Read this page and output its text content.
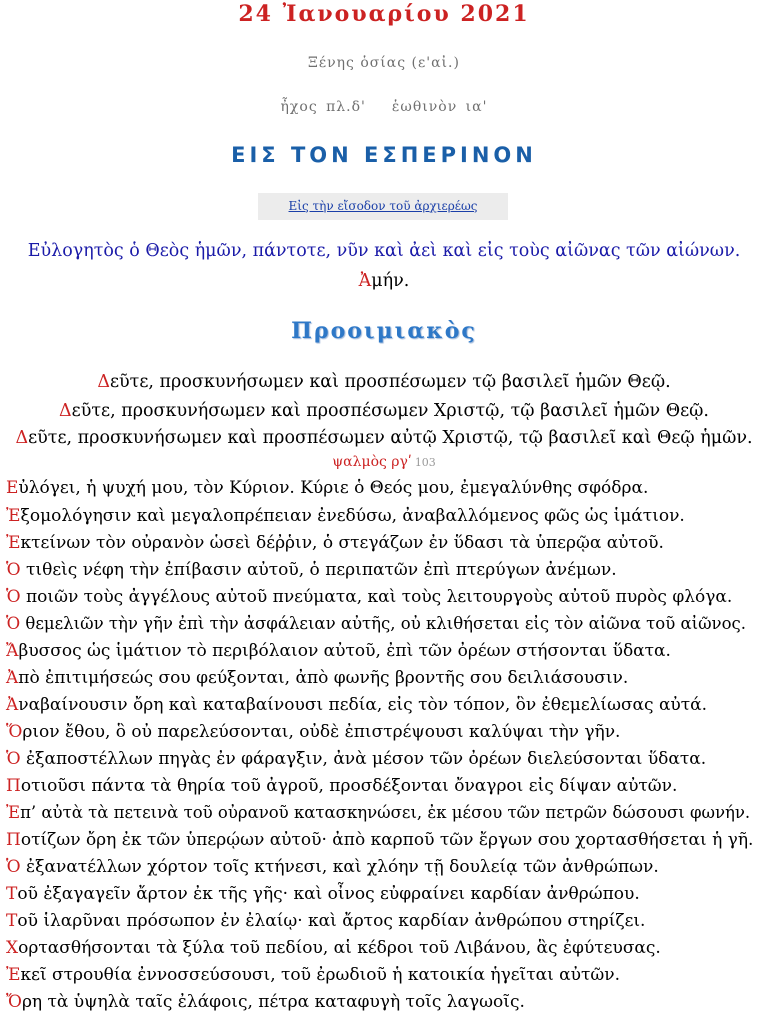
24 Ἰανουαρίου 2021
Ξένης ὁσίας (ε'αἰ.)
ἦχος πλ.δ' ἑωθινὸν ια'
ΕΙΣ ΤΟΝ ΕΣΠΕΡΙΝΟΝ
Εἰς τὴν εἴσοδον τοῦ ἀρχιερέως
Εὐλογητὸς ὁ Θεὸς ἡμῶν, πάντοτε, νῦν καὶ ἀεὶ καὶ εἰς τοὺς αἰῶνας τῶν αἰώνων.
Ἀμήν.
Προοιμιακὸς
Δεῦτε, προσκυνήσωμεν καὶ προσπέσωμεν τῷ βασιλεῖ ἡμῶν Θεῷ.
Δεῦτε, προσκυνήσωμεν καὶ προσπέσωμεν Χριστῷ, τῷ βασιλεῖ ἡμῶν Θεῷ.
Δεῦτε, προσκυνήσωμεν καὶ προσπέσωμεν αὐτῷ Χριστῷ, τῷ βασιλεῖ καὶ Θεῷ ἡμῶν.
ψαλμὸς ργʹ 103
Εὐλόγει, ἡ ψυχή μου, τὸν Κύριον. Κύριε ὁ Θεός μου, ἐμεγαλύνθης σφόδρα.
Ἐξομολόγησιν καὶ μεγαλοπρέπειαν ἐνεδύσω, ἀναβαλλόμενος φῶς ὡς ἱμάτιον.
Ἐκτείνων τὸν οὐρανὸν ὡσεὶ δέῤῥιν, ὁ στεγάζων ἐν ὕδασι τὰ ὑπερῷα αὐτοῦ.
Ὁ τιθεὶς νέφη τὴν ἐπίβασιν αὐτοῦ, ὁ περιπατῶν ἐπὶ πτερύγων ἀνέμων.
Ὁ ποιῶν τοὺς ἀγγέλους αὐτοῦ πνεύματα, καὶ τοὺς λειτουργοὺς αὐτοῦ πυρὸς φλόγα.
Ὁ θεμελιῶν τὴν γῆν ἐπὶ τὴν ἀσφάλειαν αὐτῆς, οὐ κλιθήσεται εἰς τὸν αἰῶνα τοῦ αἰῶνος.
Ἄβυσσος ὡς ἱμάτιον τὸ περιβόλαιον αὐτοῦ, ἐπὶ τῶν ὀρέων στήσονται ὕδατα.
Ἀπὸ ἐπιτιμήσεώς σου φεύξονται, ἀπὸ φωνῆς βροντῆς σου δειλιάσουσιν.
Ἀναβαίνουσιν ὄρη καὶ καταβαίνουσι πεδία, εἰς τὸν τόπον, ὃν ἐθεμελίωσας αὐτά.
Ὅριον ἔθου, ὃ οὐ παρελεύσονται, οὐδὲ ἐπιστρέψουσι καλύψαι τὴν γῆν.
Ὁ ἐξαποστέλλων πηγὰς ἐν φάραγξιν, ἀνὰ μέσον τῶν ὀρέων διελεύσονται ὕδατα.
Ποτιοῦσι πάντα τὰ θηρία τοῦ ἀγροῦ, προσδέξονται ὄναγροι εἰς δίψαν αὐτῶν.
Ἐπ’ αὐτὰ τὰ πετεινὰ τοῦ οὐρανοῦ κατασκηνώσει, ἐκ μέσου τῶν πετρῶν δώσουσι φωνήν.
Ποτίζων ὄρη ἐκ τῶν ὑπερῴων αὐτοῦ· ἀπὸ καρποῦ τῶν ἔργων σου χορτασθήσεται ἡ γῆ.
Ὁ ἐξανατέλλων χόρτον τοῖς κτήνεσι, καὶ χλόην τῇ δουλείᾳ τῶν ἀνθρώπων.
Τοῦ ἐξαγαγεῖν ἄρτον ἐκ τῆς γῆς· καὶ οἶνος εὐφραίνει καρδίαν ἀνθρώπου.
Τοῦ ἱλαρῦναι πρόσωπον ἐν ἐλαίῳ· καὶ ἄρτος καρδίαν ἀνθρώπου στηρίζει.
Χορτασθήσονται τὰ ξύλα τοῦ πεδίου, αἱ κέδροι τοῦ Λιβάνου, ἃς ἐφύτευσας.
Ἐκεῖ στρουθία ἐννοσσεύσουσι, τοῦ ἐρωδιοῦ ἡ κατοικία ἡγεῖται αὐτῶν.
Ὄρη τὰ ὑψηλὰ ταῖς ἐλάφοις, πέτρα καταφυγὴ τοῖς λαγωοῖς.
